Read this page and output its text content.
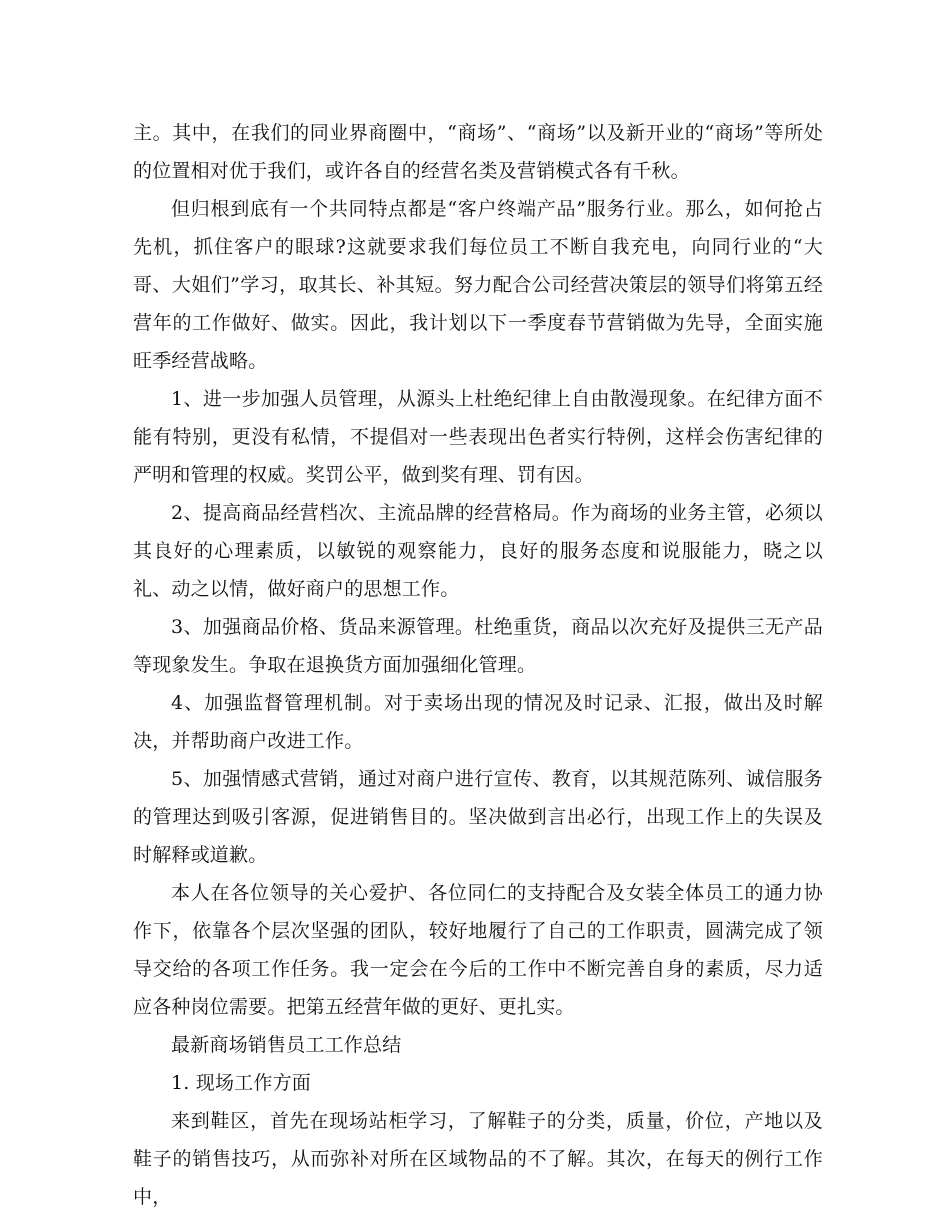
主。其中，在我们的同业界商圈中，“商场”、“商场”以及新开业的“商场”等所处的位置相对优于我们，或许各自的经营名类及营销模式各有千秋。

但归根到底有一个共同特点都是“客户终端产品”服务行业。那么，如何抢占先机，抓住客户的眼球?这就要求我们每位员工不断自我充电，向同行业的“大哥、大姐们”学习，取其长、补其短。努力配合公司经营决策层的领导们将第五经营年的工作做好、做实。因此，我计划以下一季度春节营销做为先导，全面实施旺季经营战略。

1、进一步加强人员管理，从源头上杜绝纪律上自由散漫现象。在纪律方面不能有特别，更没有私情，不提倡对一些表现出色者实行特例，这样会伤害纪律的严明和管理的权威。奖罚公平，做到奖有理、罚有因。

2、提高商品经营档次、主流品牌的经营格局。作为商场的业务主管，必须以其良好的心理素质，以敏锐的观察能力，良好的服务态度和说服能力，晓之以礼、动之以情，做好商户的思想工作。

3、加强商品价格、货品来源管理。杜绝重货，商品以次充好及提供三无产品等现象发生。争取在退换货方面加强细化管理。

4、加强监督管理机制。对于卖场出现的情况及时记录、汇报，做出及时解决，并帮助商户改进工作。

5、加强情感式营销，通过对商户进行宣传、教育，以其规范陈列、诚信服务的管理达到吸引客源，促进销售目的。坚决做到言出必行，出现工作上的失误及时解释或道歉。

本人在各位领导的关心爱护、各位同仁的支持配合及女装全体员工的通力协作下，依靠各个层次坚强的团队，较好地履行了自己的工作职责，圆满完成了领导交给的各项工作任务。我一定会在今后的工作中不断完善自身的素质，尽力适应各种岗位需要。把第五经营年做的更好、更扎实。

最新商场销售员工工作总结

1. 现场工作方面

来到鞋区，首先在现场站柜学习，了解鞋子的分类，质量，价位，产地以及鞋子的销售技巧，从而弥补对所在区域物品的不了解。其次，在每天的例行工作中，
